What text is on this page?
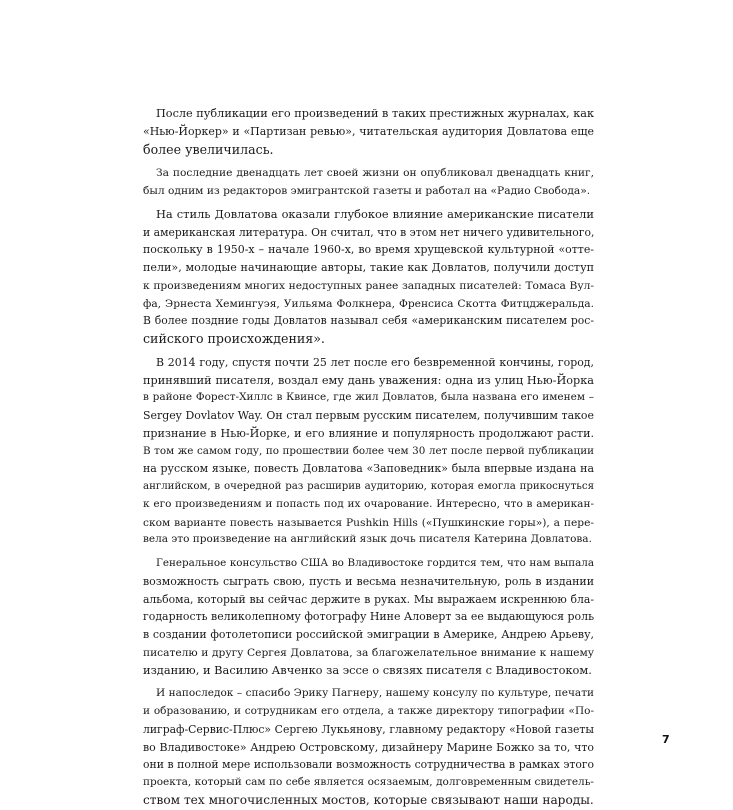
После публикации его произведений в таких престижных журналах, как
«Нью-Йоркер» и «Партизан ревью», читательская аудитория Довлатова еще
более увеличилась.
За последние двенадцать лет своей жизни он опубликовал двенадцать книг,
был одним из редакторов эмигрантской газеты и работал на «Радио Свобода».
На стиль Довлатова оказали глубокое влияние американские писатели
и американская литература. Он считал, что в этом нет ничего удивительного,
поскольку в 1950-х – начале 1960-х, во время хрущевской культурной «отте-
пели», молодые начинающие авторы, такие как Довлатов, получили доступ
к произведениям многих недоступных ранее западных писателей: Томаса Вул-
фа, Эрнеста Хемингуэя, Уильяма Фолкнера, Френсиса Скотта Фитцджеральда.
В более поздние годы Довлатов называл себя «американским писателем рос-
сийского происхождения».
В 2014 году, спустя почти 25 лет после его безвременной кончины, город,
принявший писателя, воздал ему дань уважения: одна из улиц Нью-Йорка
в районе Форест-Хиллс в Квинсе, где жил Довлатов, была названа его именем –
Sergey Dovlatov Way. Он стал первым русским писателем, получившим такое
признание в Нью-Йорке, и его влияние и популярность продолжают расти.
В том же самом году, по прошествии более чем 30 лет после первой публикации
на русском языке, повесть Довлатова «Заповедник» была впервые издана на
английском, в очередной раз расширив аудиторию, которая емогла прикоснуться
к его произведениям и попасть под их очарование. Интересно, что в американ-
ском варианте повесть называется Pushkin Hills («Пушкинские горы»), а пере-
вела это произведение на английский язык дочь писателя Катерина Довлатова.
Генеральное консульство США во Владивостоке гордится тем, что нам выпала
возможность сыграть свою, пусть и весьма незначительную, роль в издании
альбома, который вы сейчас держите в руках. Мы выражаем искреннюю бла-
годарность великолепному фотографу Нине Аловерт за ее выдающуюся роль
в создании фотолетописи российской эмиграции в Америке, Андрею Арьеву,
писателю и другу Сергея Довлатова, за благожелательное внимание к нашему
изданию, и Василию Авченко за эссе о связях писателя с Владивостоком.
И напоследок – спасибо Эрику Пагнеру, нашему консулу по культуре, печати
и образованию, и сотрудникам его отдела, а также директору типографии «По-
лиграф-Сервис-Плюс» Сергею Лукьянову, главному редактору «Новой газеты
во Владивостоке» Андрею Островскому, дизайнеру Марине Божко за то, что
они в полной мере использовали возможность сотрудничества в рамках этого
проекта, который сам по себе является осязаемым, долговременным свидетель-
ством тех многочисленных мостов, которые связывают наши народы.
7
